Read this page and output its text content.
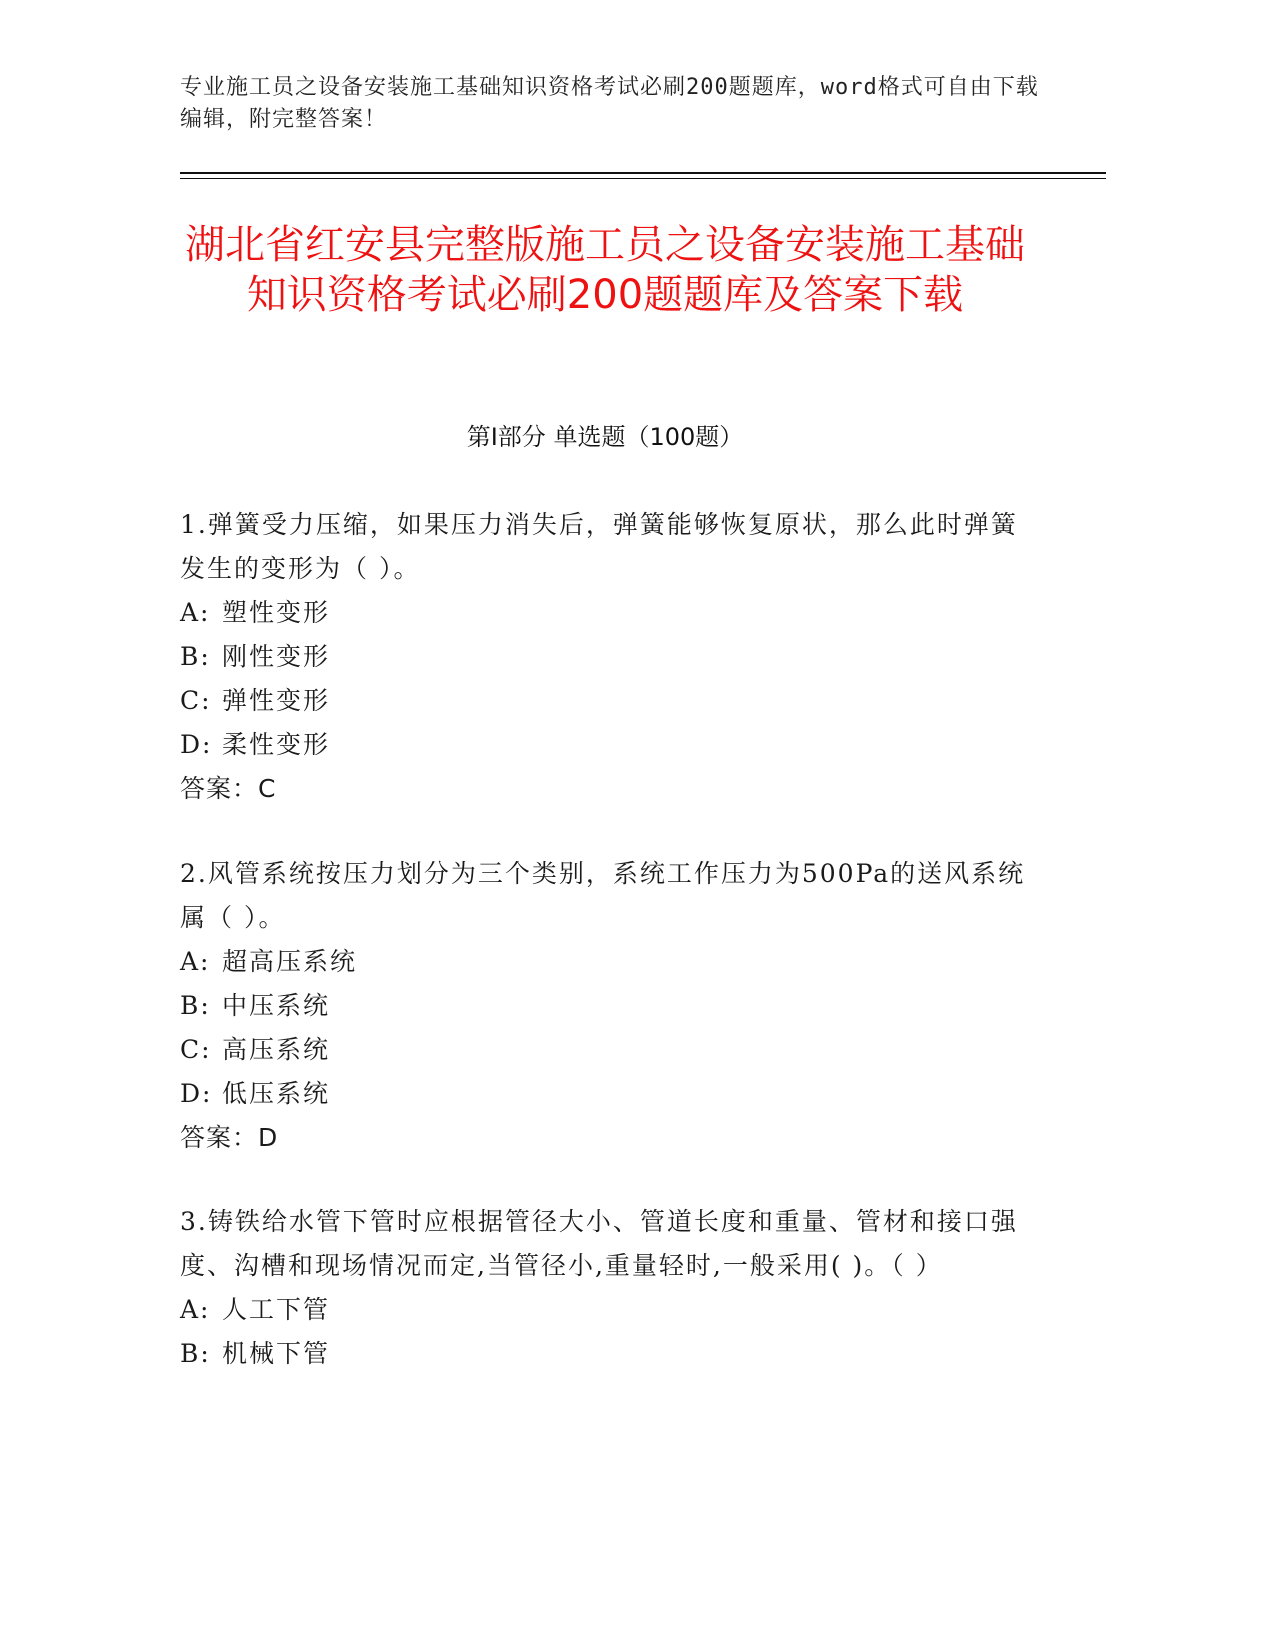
专业施工员之设备安装施工基础知识资格考试必刷200题题库，word格式可自由下载编辑，附完整答案！
湖北省红安县完整版施工员之设备安装施工基础知识资格考试必刷200题题库及答案下载
第I部分 单选题（100题）

1.弹簧受力压缩，如果压力消失后，弹簧能够恢复原状，那么此时弹簧发生的变形为（ ）。

A: 塑性变形

B: 刚性变形

C: 弹性变形

D: 柔性变形

答案：C

2.风管系统按压力划分为三个类别，系统工作压力为500Pa的送风系统属（ ）。

A: 超高压系统

B: 中压系统

C: 高压系统

D: 低压系统

答案：D

3.铸铁给水管下管时应根据管径大小、管道长度和重量、管材和接口强度、沟槽和现场情况而定,当管径小,重量轻时,一般采用( )。（ ）

A: 人工下管

B: 机械下管
